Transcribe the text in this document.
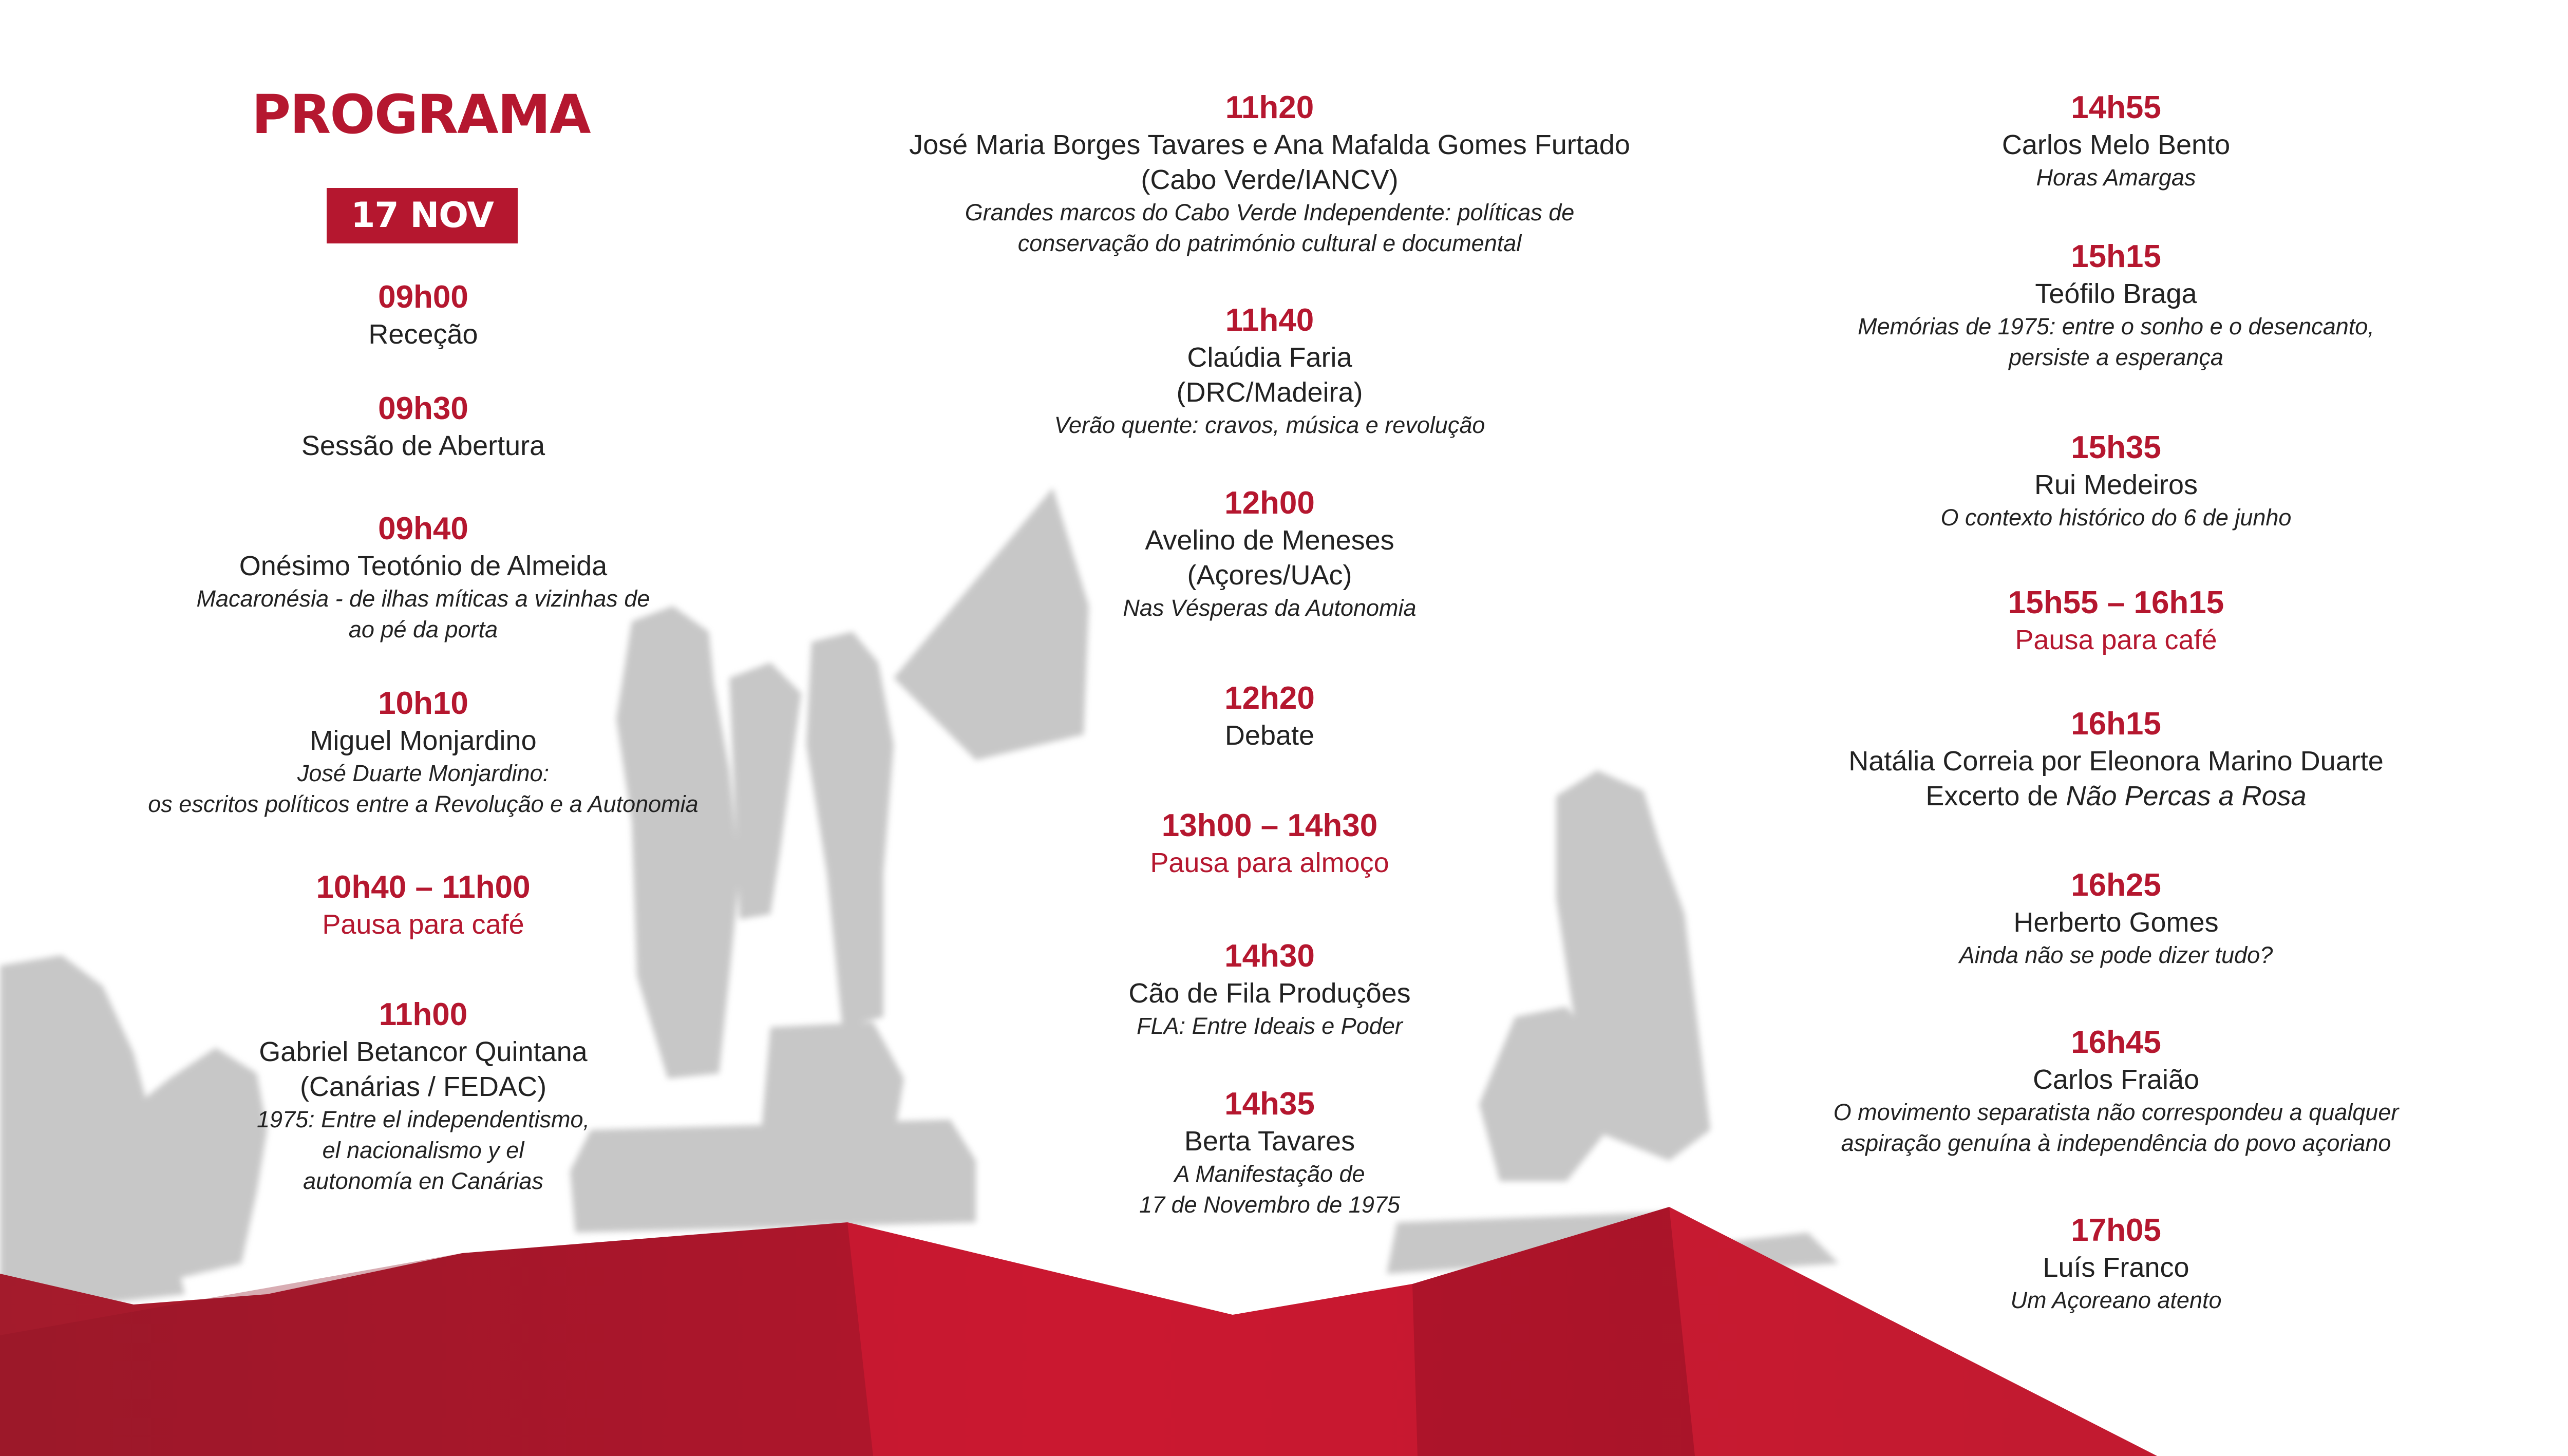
PROGRAMA
17 NOV
09h00
Receção
09h30
Sessão de Abertura
09h40
Onésimo Teotónio de Almeida
Macaronésia - de ilhas míticas a vizinhas de
ao pé da porta
10h10
Miguel Monjardino
José Duarte Monjardino:
os escritos políticos entre a Revolução e a Autonomia
10h40 – 11h00
Pausa para café
11h00
Gabriel Betancor Quintana
(Canárias / FEDAC)
1975: Entre el independentismo,
el nacionalismo y el
autonomía en Canárias
11h20
José Maria Borges Tavares e Ana Mafalda Gomes Furtado
(Cabo Verde/IANCV)
Grandes marcos do Cabo Verde Independente: políticas de
conservação do património cultural e documental
11h40
Claúdia Faria
(DRC/Madeira)
Verão quente: cravos, música e revolução
12h00
Avelino de Meneses
(Açores/UAc)
Nas Vésperas da Autonomia
12h20
Debate
13h00 – 14h30
Pausa para almoço
14h30
Cão de Fila Produções
FLA: Entre Ideais e Poder
14h35
Berta Tavares
A Manifestação de
17 de Novembro de 1975
14h55
Carlos Melo Bento
Horas Amargas
15h15
Teófilo Braga
Memórias de 1975: entre o sonho e o desencanto,
persiste a esperança
15h35
Rui Medeiros
O contexto histórico do 6 de junho
15h55 – 16h15
Pausa para café
16h15
Natália Correia por Eleonora Marino Duarte
Excerto de Não Percas a Rosa
16h25
Herberto Gomes
Ainda não se pode dizer tudo?
16h45
Carlos Fraião
O movimento separatista não correspondeu a qualquer
aspiração genuína à independência do povo açoriano
17h05
Luís Franco
Um Açoreano atento
